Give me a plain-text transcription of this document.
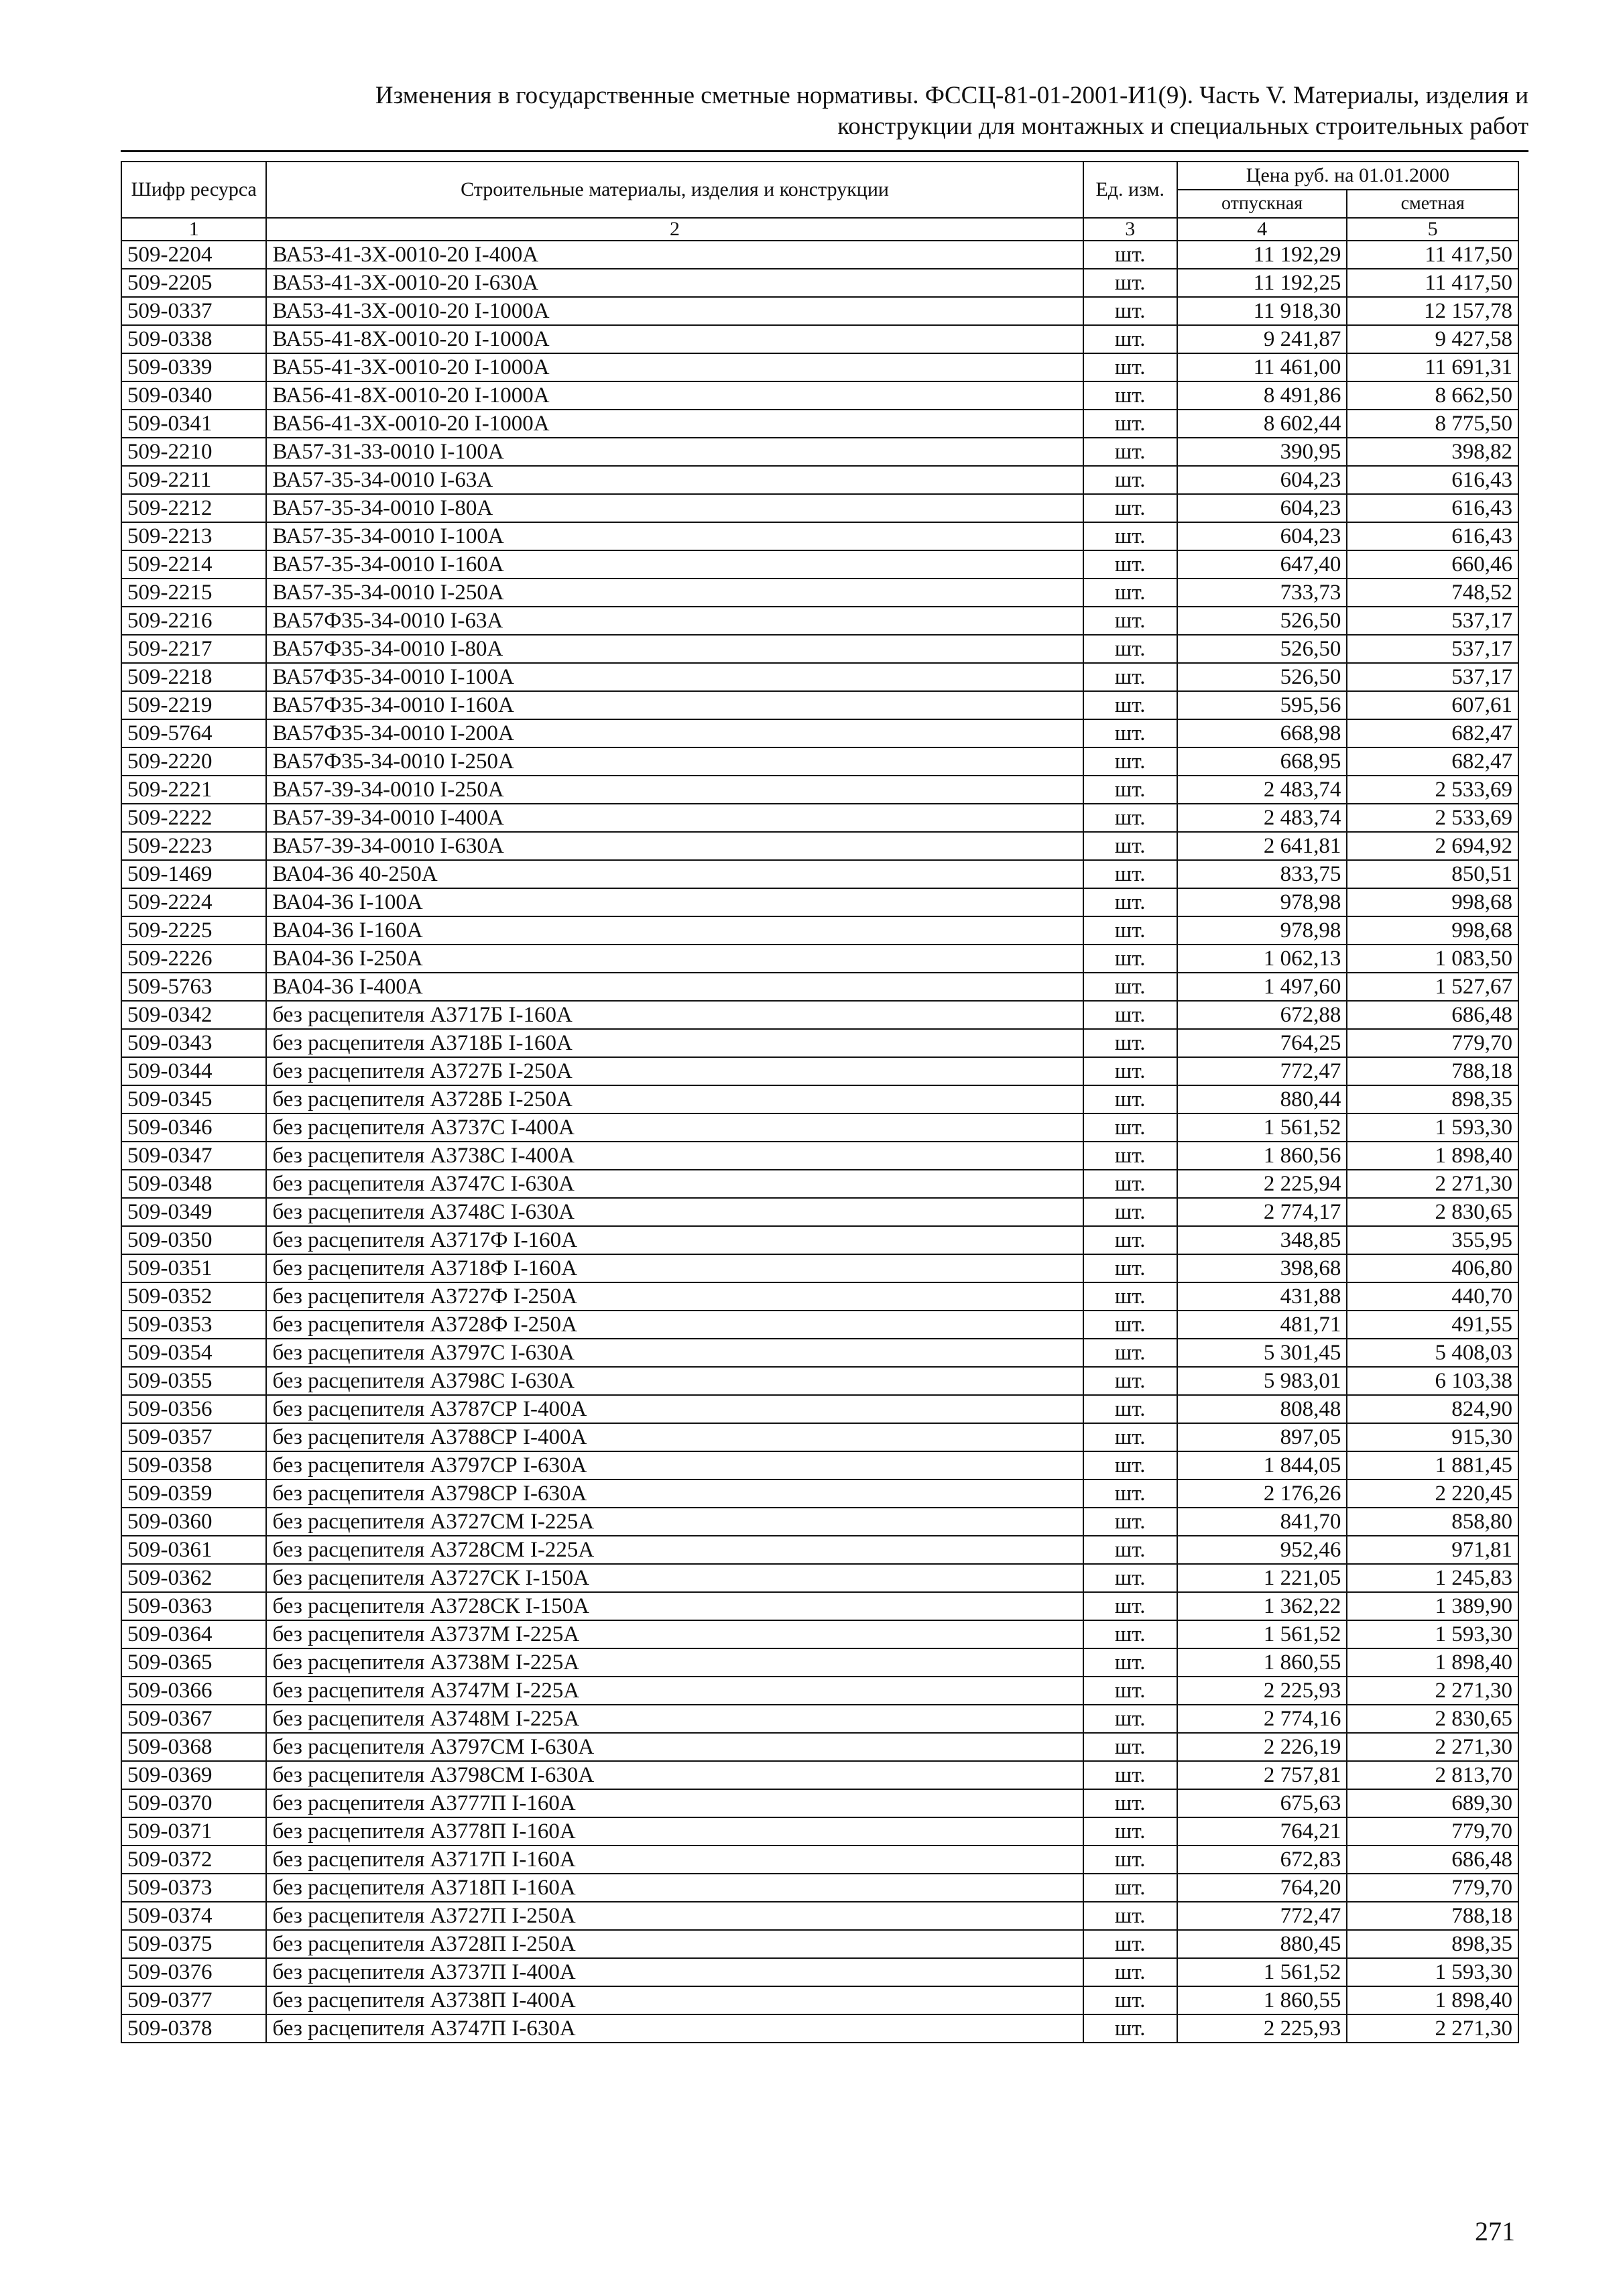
Изменения в государственные сметные нормативы. ФССЦ-81-01-2001-И1(9). Часть V. Материалы, изделия и
конструкции для монтажных и специальных строительных работ
Шифр ресурса	Строительные материалы, изделия и конструкции	Ед. изм.	Цена руб. на 01.01.2000	
			отпускная	сметная
1	2	3	4	5
509-2204	ВА53-41-3Х-0010-20 I-400А	шт.	11 192,29	11 417,50
509-2205	ВА53-41-3Х-0010-20 I-630А	шт.	11 192,25	11 417,50
509-0337	ВА53-41-3Х-0010-20 I-1000А	шт.	11 918,30	12 157,78
509-0338	ВА55-41-8Х-0010-20 I-1000А	шт.	9 241,87	9 427,58
509-0339	ВА55-41-3Х-0010-20 I-1000А	шт.	11 461,00	11 691,31
509-0340	ВА56-41-8Х-0010-20 I-1000А	шт.	8 491,86	8 662,50
509-0341	ВА56-41-3Х-0010-20 I-1000А	шт.	8 602,44	8 775,50
509-2210	ВА57-31-33-0010 I-100А	шт.	390,95	398,82
509-2211	ВА57-35-34-0010 I-63А	шт.	604,23	616,43
509-2212	ВА57-35-34-0010 I-80А	шт.	604,23	616,43
509-2213	ВА57-35-34-0010 I-100А	шт.	604,23	616,43
509-2214	ВА57-35-34-0010 I-160А	шт.	647,40	660,46
509-2215	ВА57-35-34-0010 I-250А	шт.	733,73	748,52
509-2216	ВА57Ф35-34-0010 I-63А	шт.	526,50	537,17
509-2217	ВА57Ф35-34-0010 I-80А	шт.	526,50	537,17
509-2218	ВА57Ф35-34-0010 I-100А	шт.	526,50	537,17
509-2219	ВА57Ф35-34-0010 I-160А	шт.	595,56	607,61
509-5764	ВА57Ф35-34-0010 I-200А	шт.	668,98	682,47
509-2220	ВА57Ф35-34-0010 I-250А	шт.	668,95	682,47
509-2221	ВА57-39-34-0010 I-250А	шт.	2 483,74	2 533,69
509-2222	ВА57-39-34-0010 I-400А	шт.	2 483,74	2 533,69
509-2223	ВА57-39-34-0010 I-630А	шт.	2 641,81	2 694,92
509-1469	ВА04-36 40-250А	шт.	833,75	850,51
509-2224	ВА04-36 I-100А	шт.	978,98	998,68
509-2225	ВА04-36 I-160А	шт.	978,98	998,68
509-2226	ВА04-36 I-250А	шт.	1 062,13	1 083,50
509-5763	ВА04-36 I-400А	шт.	1 497,60	1 527,67
509-0342	без расцепителя А3717Б I-160А	шт.	672,88	686,48
509-0343	без расцепителя А3718Б I-160А	шт.	764,25	779,70
509-0344	без расцепителя А3727Б I-250А	шт.	772,47	788,18
509-0345	без расцепителя А3728Б I-250А	шт.	880,44	898,35
509-0346	без расцепителя А3737С I-400А	шт.	1 561,52	1 593,30
509-0347	без расцепителя А3738С I-400А	шт.	1 860,56	1 898,40
509-0348	без расцепителя А3747С I-630А	шт.	2 225,94	2 271,30
509-0349	без расцепителя А3748С I-630А	шт.	2 774,17	2 830,65
509-0350	без расцепителя А3717Ф I-160А	шт.	348,85	355,95
509-0351	без расцепителя А3718Ф I-160А	шт.	398,68	406,80
509-0352	без расцепителя А3727Ф I-250А	шт.	431,88	440,70
509-0353	без расцепителя А3728Ф I-250А	шт.	481,71	491,55
509-0354	без расцепителя А3797С I-630А	шт.	5 301,45	5 408,03
509-0355	без расцепителя А3798С I-630А	шт.	5 983,01	6 103,38
509-0356	без расцепителя А3787СР I-400А	шт.	808,48	824,90
509-0357	без расцепителя А3788СР I-400А	шт.	897,05	915,30
509-0358	без расцепителя А3797СР I-630А	шт.	1 844,05	1 881,45
509-0359	без расцепителя А3798СР I-630А	шт.	2 176,26	2 220,45
509-0360	без расцепителя А3727СМ I-225А	шт.	841,70	858,80
509-0361	без расцепителя А3728СМ I-225А	шт.	952,46	971,81
509-0362	без расцепителя А3727СК I-150А	шт.	1 221,05	1 245,83
509-0363	без расцепителя А3728СК I-150А	шт.	1 362,22	1 389,90
509-0364	без расцепителя А3737М I-225А	шт.	1 561,52	1 593,30
509-0365	без расцепителя А3738М I-225А	шт.	1 860,55	1 898,40
509-0366	без расцепителя А3747М I-225А	шт.	2 225,93	2 271,30
509-0367	без расцепителя А3748М I-225А	шт.	2 774,16	2 830,65
509-0368	без расцепителя А3797СМ I-630А	шт.	2 226,19	2 271,30
509-0369	без расцепителя А3798СМ I-630А	шт.	2 757,81	2 813,70
509-0370	без расцепителя А3777П I-160А	шт.	675,63	689,30
509-0371	без расцепителя А3778П I-160А	шт.	764,21	779,70
509-0372	без расцепителя А3717П I-160А	шт.	672,83	686,48
509-0373	без расцепителя А3718П I-160А	шт.	764,20	779,70
509-0374	без расцепителя А3727П I-250А	шт.	772,47	788,18
509-0375	без расцепителя А3728П I-250А	шт.	880,45	898,35
509-0376	без расцепителя А3737П I-400А	шт.	1 561,52	1 593,30
509-0377	без расцепителя А3738П I-400А	шт.	1 860,55	1 898,40
509-0378	без расцепителя А3747П I-630А	шт.	2 225,93	2 271,30
271
